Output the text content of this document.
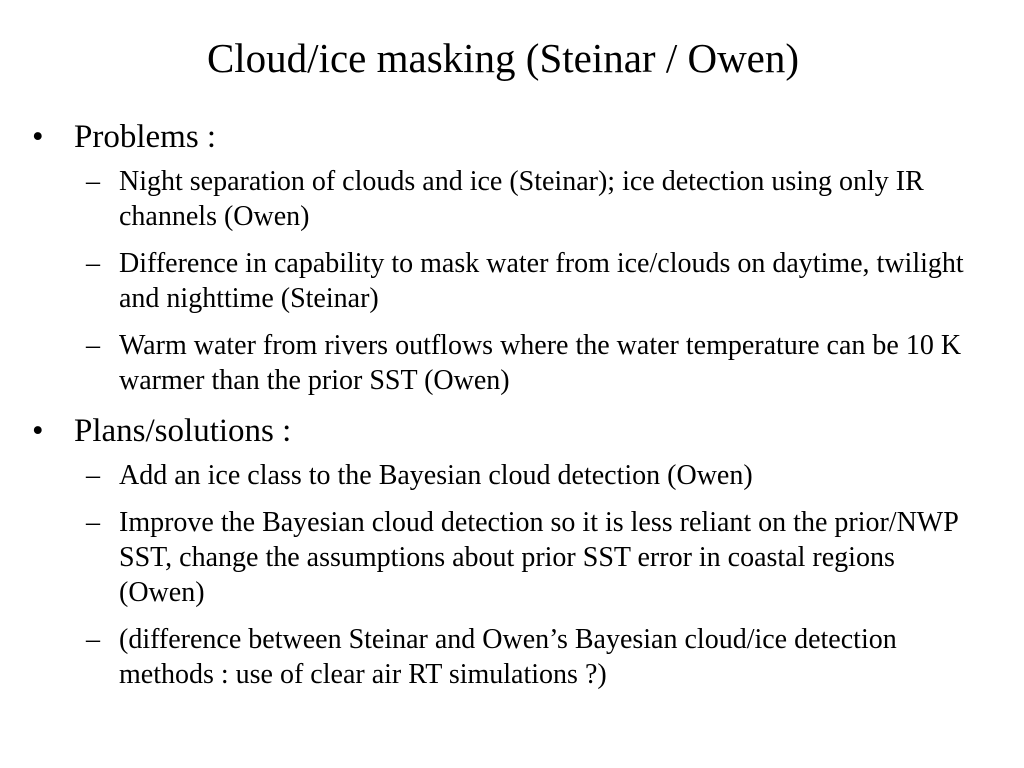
Cloud/ice masking (Steinar / Owen)
• Problems :
– Night separation of clouds and ice (Steinar); ice detection using only IR channels (Owen)
– Difference in capability to mask water from ice/clouds on daytime, twilight and nighttime (Steinar)
– Warm water from rivers outflows where the water temperature can be 10 K warmer than the prior SST (Owen)
• Plans/solutions :
– Add an ice class to the Bayesian cloud detection (Owen)
– Improve the Bayesian cloud detection so it is less reliant on the prior/NWP SST, change the assumptions about prior SST error in coastal regions (Owen)
– (difference between Steinar and Owen’s Bayesian cloud/ice detection methods : use of clear air RT simulations ?)
